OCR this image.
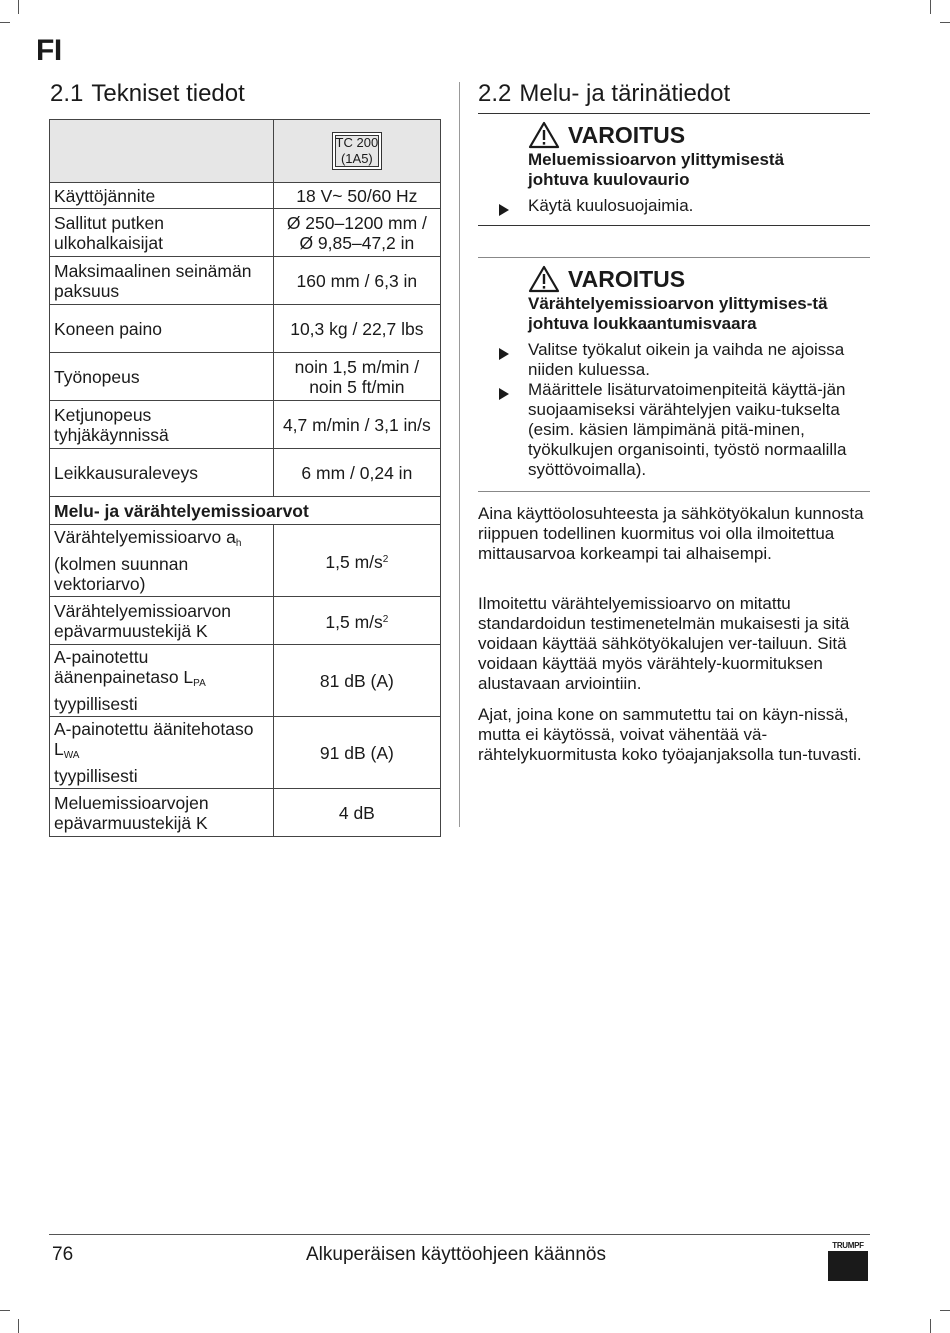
FI
2.1 Tekniset tiedot

	TC 200
(1A5)

Käyttöjännite	18 V~ 50/60 Hz
Sallitut putken ulkohalkaisijat	Ø 250–1200 mm / Ø 9,85–47,2 in
Maksimaalinen seinämän paksuus	160 mm / 6,3 in
Koneen paino	10,3 kg / 22,7 lbs
Työnopeus	noin 1,5 m/min / noin 5 ft/min
Ketjunopeus tyhjäkäynnissä	4,7 m/min / 3,1 in/s
Leikkausuraleveys	6 mm / 0,24 in
Melu- ja värähtelyemissioarvot	
Värähtelyemissioarvo $a_h$
(kolmen suunnan vektoriarvo)	1,5 $m/s^2$
Värähtelyemissioarvon epävarmuustekijä K	1,5 $m/s^2$
A-painotettu äänenpainetaso $L_{PA}$
tyypillisesti	81 dB (A)
A-painotettu äänitehotaso $L_{WA}$
tyypillisesti	91 dB (A)
Meluemissioarvojen epävarmuustekijä K	4 dB
2.2 Melu- ja tärinätiedot
VAROITUS
Meluemissioarvon ylittymisestä johtuva kuulovaurio
Käytä kuulosuojaimia.
VAROITUS
Värähtelyemissioarvon ylittymises-tä johtuva loukkaantumisvaara
Valitse työkalut oikein ja vaihda ne ajoissa niiden kuluessa.
Määrittele lisäturvatoimenpiteitä käyttä-jän suojaamiseksi värähtelyjen vaiku-tukselta (esim. käsien lämpimänä pitä-minen, työkulkujen organisointi, työstö normaalilla syöttövoimalla).

Aina käyttöolosuhteesta ja sähkötyökalun kunnosta riippuen todellinen kuormitus voi olla ilmoitettua mittausarvoa korkeampi tai alhaisempi.

Ilmoitettu värähtelyemissioarvo on mitattu standardoidun testimenetelmän mukaisesti ja sitä voidaan käyttää sähkötyökalujen ver-tailuun. Sitä voidaan käyttää myös värähtely-kuormituksen alustavaan arviointiin.

Ajat, joina kone on sammutettu tai on käyn-nissä, mutta ei käytössä, voivat vähentää vä-rähtelykuormitusta koko työajanjaksolla tun-tuvasti.

76	Alkuperäisen käyttöohjeen käännös	TRUMPF
